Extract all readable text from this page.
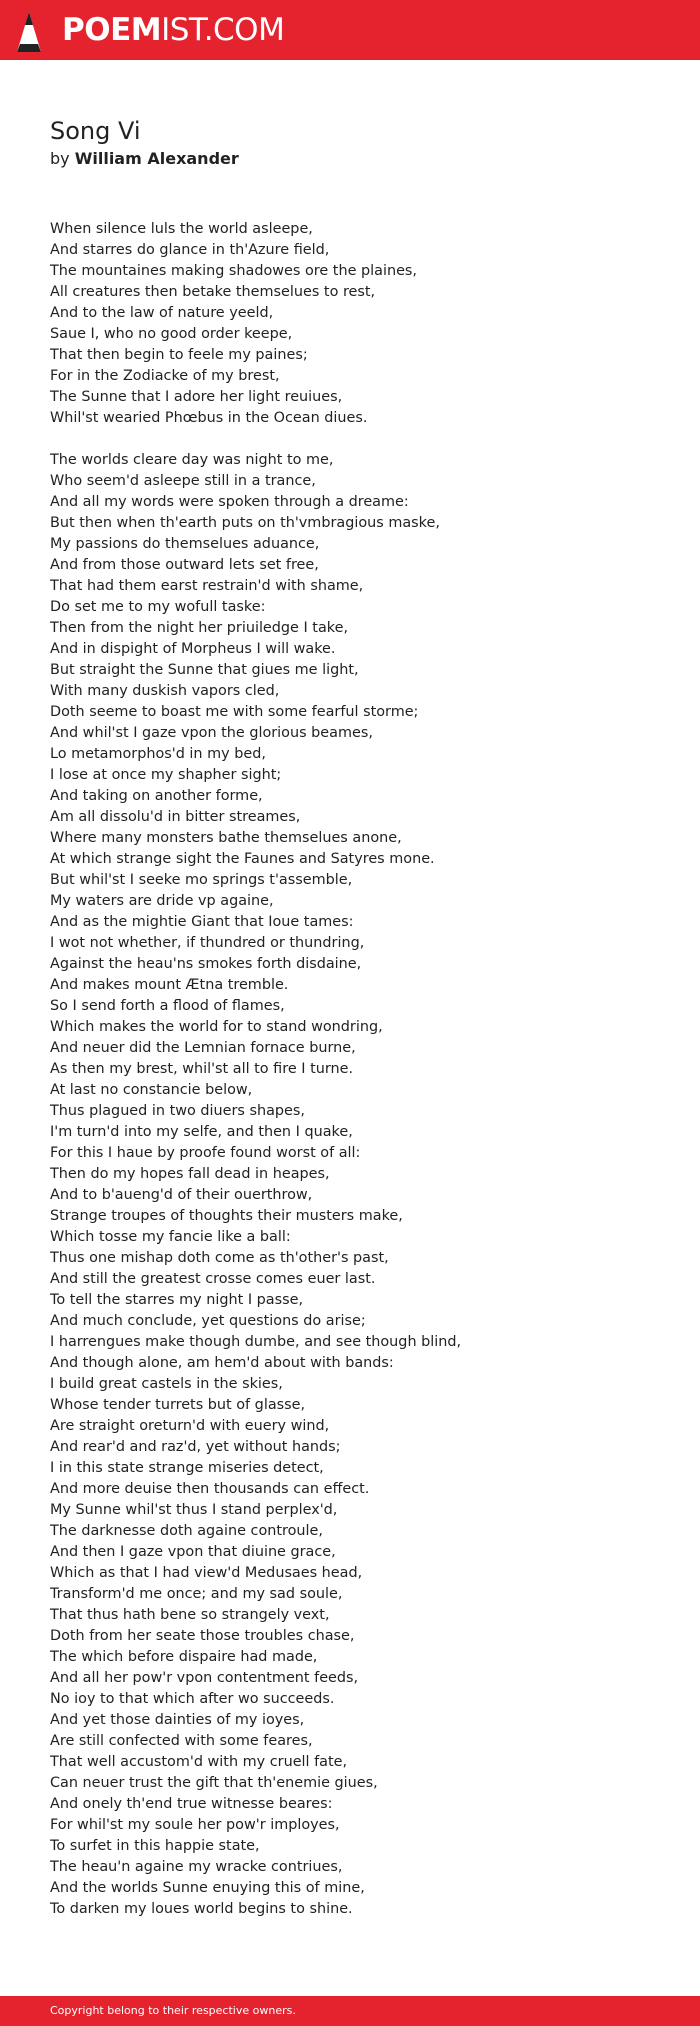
POEMIST.COM
Song Vi
by William Alexander
When silence luls the world asleepe,
And starres do glance in th'Azure field,
The mountaines making shadowes ore the plaines,
All creatures then betake themselues to rest,
And to the law of nature yeeld,
Saue I, who no good order keepe,
That then begin to feele my paines;
For in the Zodiacke of my brest,
The Sunne that I adore her light reuiues,
Whil'st wearied Phœbus in the Ocean diues.
The worlds cleare day was night to me,
Who seem'd asleepe still in a trance,
And all my words were spoken through a dreame:
But then when th'earth puts on th'vmbragious maske,
My passions do themselues aduance,
And from those outward lets set free,
That had them earst restrain'd with shame,
Do set me to my wofull taske:
Then from the night her priuiledge I take,
And in dispight of Morpheus I will wake.
But straight the Sunne that giues me light,
With many duskish vapors cled,
Doth seeme to boast me with some fearful storme;
And whil'st I gaze vpon the glorious beames,
Lo metamorphos'd in my bed,
I lose at once my shapher sight;
And taking on another forme,
Am all dissolu'd in bitter streames,
Where many monsters bathe themselues anone,
At which strange sight the Faunes and Satyres mone.
But whil'st I seeke mo springs t'assemble,
My waters are dride vp againe,
And as the mightie Giant that Ioue tames:
I wot not whether, if thundred or thundring,
Against the heau'ns smokes forth disdaine,
And makes mount Ætna tremble.
So I send forth a flood of flames,
Which makes the world for to stand wondring,
And neuer did the Lemnian fornace burne,
As then my brest, whil'st all to fire I turne.
At last no constancie below,
Thus plagued in two diuers shapes,
I'm turn'd into my selfe, and then I quake,
For this I haue by proofe found worst of all:
Then do my hopes fall dead in heapes,
And to b'aueng'd of their ouerthrow,
Strange troupes of thoughts their musters make,
Which tosse my fancie like a ball:
Thus one mishap doth come as th'other's past,
And still the greatest crosse comes euer last.
To tell the starres my night I passe,
And much conclude, yet questions do arise;
I harrengues make though dumbe, and see though blind,
And though alone, am hem'd about with bands:
I build great castels in the skies,
Whose tender turrets but of glasse,
Are straight oreturn'd with euery wind,
And rear'd and raz'd, yet without hands;
I in this state strange miseries detect,
And more deuise then thousands can effect.
My Sunne whil'st thus I stand perplex'd,
The darknesse doth againe controule,
And then I gaze vpon that diuine grace,
Which as that I had view'd Medusaes head,
Transform'd me once; and my sad soule,
That thus hath bene so strangely vext,
Doth from her seate those troubles chase,
The which before dispaire had made,
And all her pow'r vpon contentment feeds,
No ioy to that which after wo succeeds.
And yet those dainties of my ioyes,
Are still confected with some feares,
That well accustom'd with my cruell fate,
Can neuer trust the gift that th'enemie giues,
And onely th'end true witnesse beares:
For whil'st my soule her pow'r imployes,
To surfet in this happie state,
The heau'n againe my wracke contriues,
And the worlds Sunne enuying this of mine,
To darken my loues world begins to shine.
Copyright belong to their respective owners.
